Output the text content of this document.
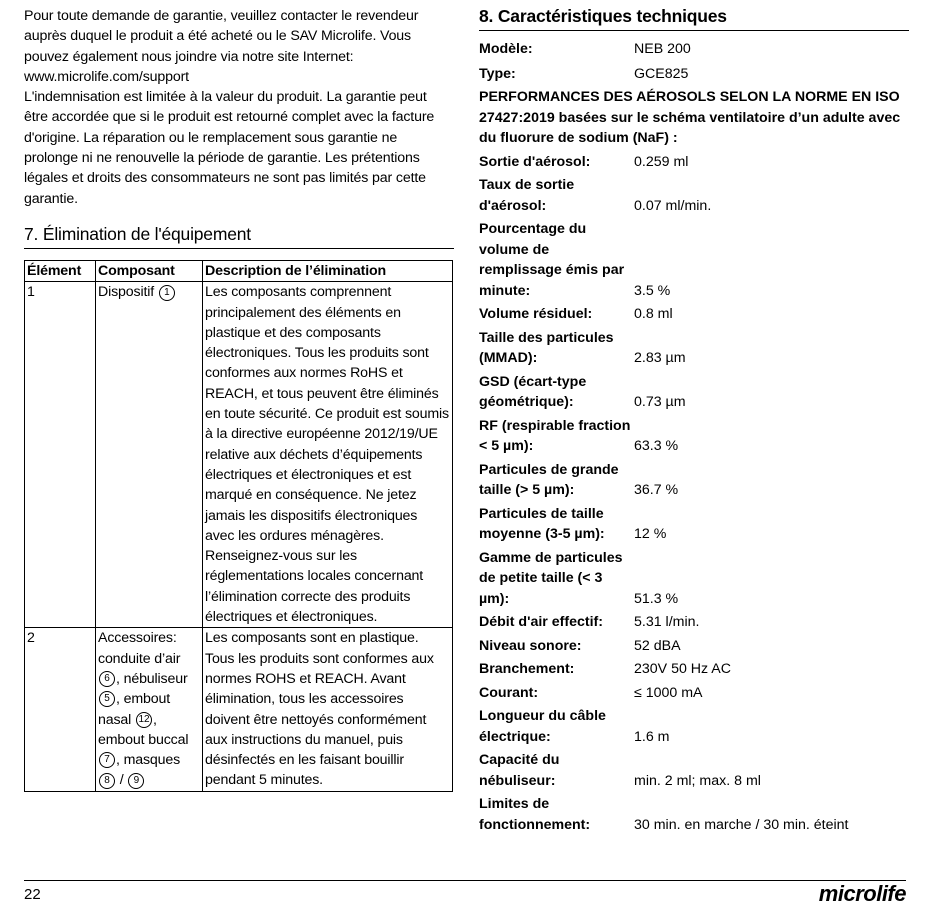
Pour toute demande de garantie, veuillez contacter le revendeur auprès duquel le produit a été acheté ou le SAV Microlife. Vous pouvez également nous joindre via notre site Internet: www.microlife.com/support

L'indemnisation est limitée à la valeur du produit. La garantie peut être accordée que si le produit est retourné complet avec la facture d'origine. La réparation ou le remplacement sous garantie ne prolonge ni ne renouvelle la période de garantie. Les prétentions légales et droits des consommateurs ne sont pas limités par cette garantie.

7. Élimination de l'équipement
Élément	Composant	Description de l’élimination
1	Dispositif 1	Les composants comprennent principalement des éléments en plastique et des composants électroniques. Tous les produits sont conformes aux normes RoHS et REACH, et tous peuvent être éliminés en toute sécurité. Ce produit est soumis à la directive européenne 2012/19/UE relative aux déchets d’équipements électriques et électroniques et est marqué en conséquence. Ne jetez jamais les dispositifs électroniques avec les ordures ménagères. Renseignez-vous sur les réglementations locales concernant l’élimination correcte des produits électriques et électroniques.
2	Accessoires: conduite d’air 6 , nébuliseur 5 , embout nasal 12 , embout buccal 7 , masques 8 / 9	Les composants sont en plastique. Tous les produits sont conformes aux normes ROHS et REACH. Avant élimination, tous les accessoires doivent être nettoyés conformément aux instructions du manuel, puis désinfectés en les faisant bouillir pendant 5 minutes.
8. Caractéristiques techniques
Modèle:	NEB 200
Type:	GCE825
PERFORMANCES DES AÉROSOLS SELON LA NORME EN ISO 27427:2019 basées sur le schéma ventilatoire d’un adulte avec du fluorure de sodium (NaF) :
Sortie d'aérosol:	0.259 ml
Taux de sortie d'aérosol:	0.07 ml/min.
Pourcentage du volume de remplissage émis par minute:	3.5 %
Volume résiduel:	0.8 ml
Taille des particules (MMAD):	2.83 µm
GSD (écart-type géométrique):	0.73 µm
RF (respirable fraction < 5 µm):	63.3 %
Particules de grande taille (> 5 µm):	36.7 %
Particules de taille moyenne (3-5 µm):	12 %
Gamme de particules de petite taille (< 3 µm):	51.3 %
Débit d'air effectif:	5.31 l/min.
Niveau sonore:	52 dBA
Branchement:	230V 50 Hz AC
Courant:	≤ 1000 mA
Longueur du câble électrique:	1.6 m
Capacité du nébuliseur:	min. 2 ml; max. 8 ml
Limites de fonctionnement:	30 min. en marche / 30 min. éteint
22	microlife
